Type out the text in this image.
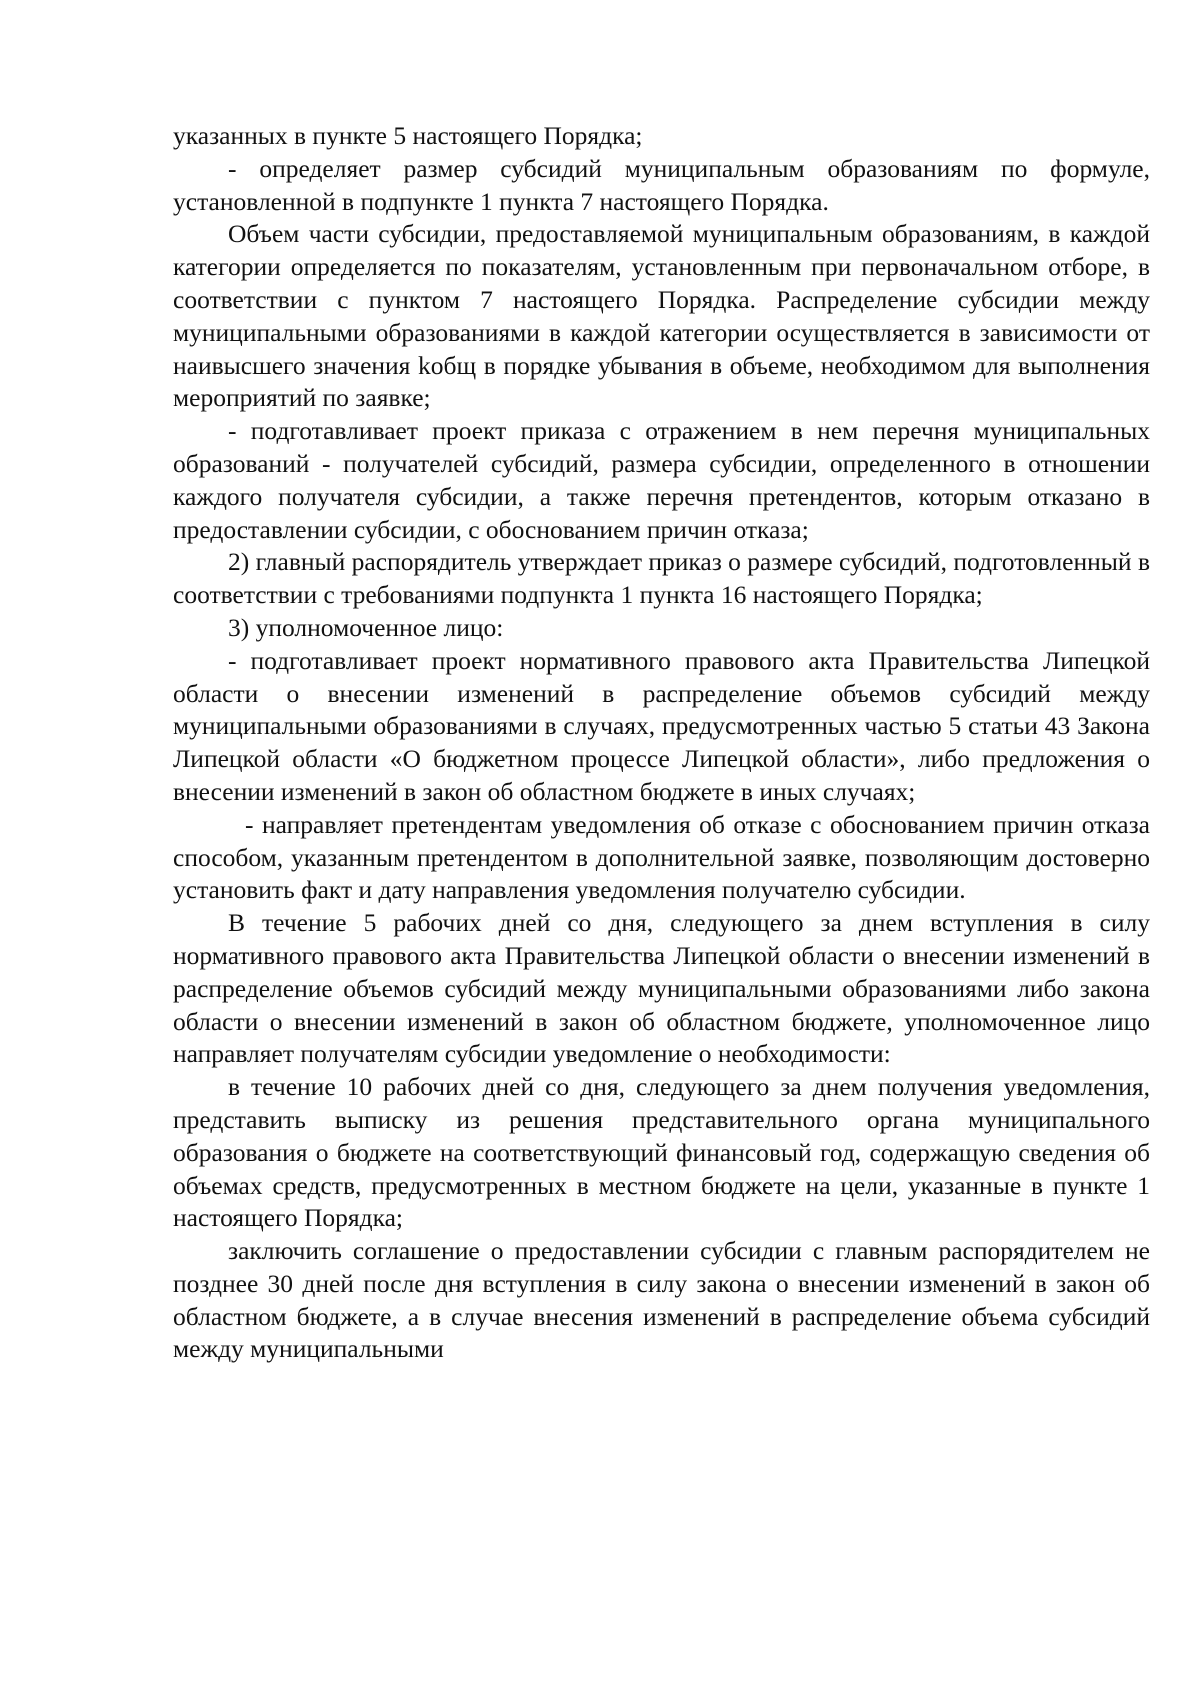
указанных в пункте 5 настоящего Порядка;

- определяет размер субсидий муниципальным образованиям по формуле, установленной в подпункте 1 пункта 7 настоящего Порядка.

Объем части субсидии, предоставляемой муниципальным образованиям, в каждой категории определяется по показателям, установленным при первоначальном отборе, в соответствии с пунктом 7 настоящего Порядка. Распределение субсидии между муниципальными образованиями в каждой категории осуществляется в зависимости от наивысшего значения kобщ в порядке убывания в объеме, необходимом для выполнения мероприятий по заявке;

- подготавливает проект приказа с отражением в нем перечня муниципальных образований - получателей субсидий, размера субсидии, определенного в отношении каждого получателя субсидии, а также перечня претендентов, которым отказано в предоставлении субсидии, с обоснованием причин отказа;

2) главный распорядитель утверждает приказ о размере субсидий, подготовленный в соответствии с требованиями подпункта 1 пункта 16 настоящего Порядка;

3) уполномоченное лицо:

- подготавливает проект нормативного правового акта Правительства Липецкой области о внесении изменений в распределение объемов субсидий между муниципальными образованиями в случаях, предусмотренных частью 5 статьи 43 Закона Липецкой области «О бюджетном процессе Липецкой области», либо предложения о внесении изменений в закон об областном бюджете в иных случаях;

- направляет претендентам уведомления об отказе с обоснованием причин отказа способом, указанным претендентом в дополнительной заявке, позволяющим достоверно установить факт и дату направления уведомления получателю субсидии.

В течение 5 рабочих дней со дня, следующего за днем вступления в силу нормативного правового акта Правительства Липецкой области о внесении изменений в распределение объемов субсидий между муниципальными образованиями либо закона области о внесении изменений в закон об областном бюджете, уполномоченное лицо направляет получателям субсидии уведомление о необходимости:

в течение 10 рабочих дней со дня, следующего за днем получения уведомления, представить выписку из решения представительного органа муниципального образования о бюджете на соответствующий финансовый год, содержащую сведения об объемах средств, предусмотренных в местном бюджете на цели, указанные в пункте 1 настоящего Порядка;

заключить соглашение о предоставлении субсидии с главным распорядителем не позднее 30 дней после дня вступления в силу закона о внесении изменений в закон об областном бюджете, а в случае внесения изменений в распределение объема субсидий между муниципальными
